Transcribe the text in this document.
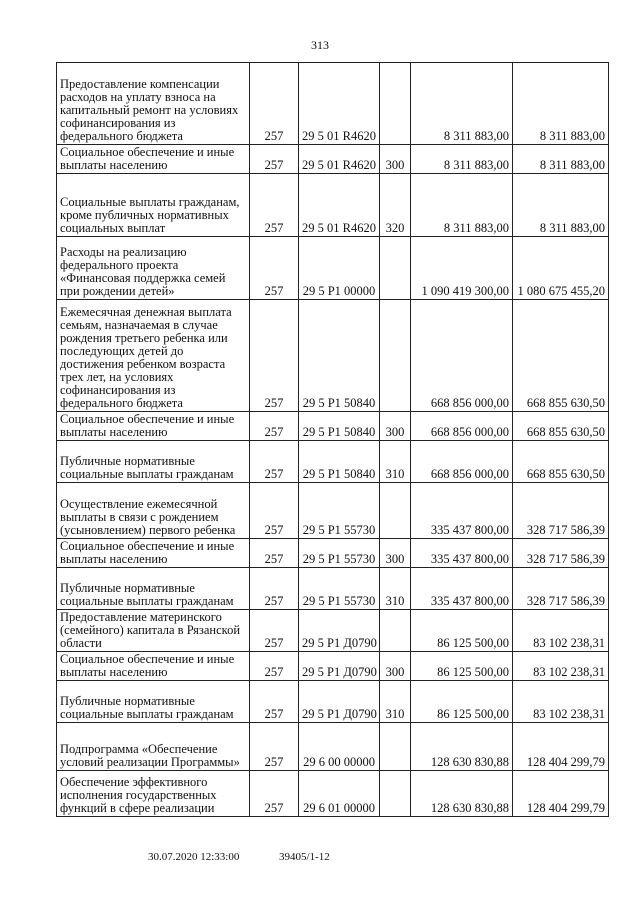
313
Предоставление компенсации расходов на уплату взноса на капитальный ремонт на условиях софинансирования из федерального бюджета	257	29 5 01 R4620		8 311 883,00	8 311 883,00
Социальное обеспечение и иные выплаты населению	257	29 5 01 R4620	300	8 311 883,00	8 311 883,00
Социальные выплаты гражданам, кроме публичных нормативных социальных выплат	257	29 5 01 R4620	320	8 311 883,00	8 311 883,00
Расходы на реализацию федерального проекта «Финансовая поддержка семей при рождении детей»	257	29 5 P1 00000		1 090 419 300,00	1 080 675 455,20
Ежемесячная денежная выплата семьям, назначаемая в случае рождения третьего ребенка или последующих детей до достижения ребенком возраста трех лет, на условиях софинансирования из федерального бюджета	257	29 5 P1 50840		668 856 000,00	668 855 630,50
Социальное обеспечение и иные выплаты населению	257	29 5 P1 50840	300	668 856 000,00	668 855 630,50
Публичные нормативные социальные выплаты гражданам	257	29 5 P1 50840	310	668 856 000,00	668 855 630,50
Осуществление ежемесячной выплаты в связи с рождением (усыновлением) первого ребенка	257	29 5 P1 55730		335 437 800,00	328 717 586,39
Социальное обеспечение и иные выплаты населению	257	29 5 P1 55730	300	335 437 800,00	328 717 586,39
Публичные нормативные социальные выплаты гражданам	257	29 5 P1 55730	310	335 437 800,00	328 717 586,39
Предоставление материнского (семейного) капитала в Рязанской области	257	29 5 P1 Д0790		86 125 500,00	83 102 238,31
Социальное обеспечение и иные выплаты населению	257	29 5 P1 Д0790	300	86 125 500,00	83 102 238,31
Публичные нормативные социальные выплаты гражданам	257	29 5 P1 Д0790	310	86 125 500,00	83 102 238,31
Подпрограмма «Обеспечение условий реализации Программы»	257	29 6 00 00000		128 630 830,88	128 404 299,79
Обеспечение эффективного исполнения государственных функций в сфере реализации	257	29 6 01 00000		128 630 830,88	128 404 299,79
30.07.2020 12:33:00	39405/1-12
